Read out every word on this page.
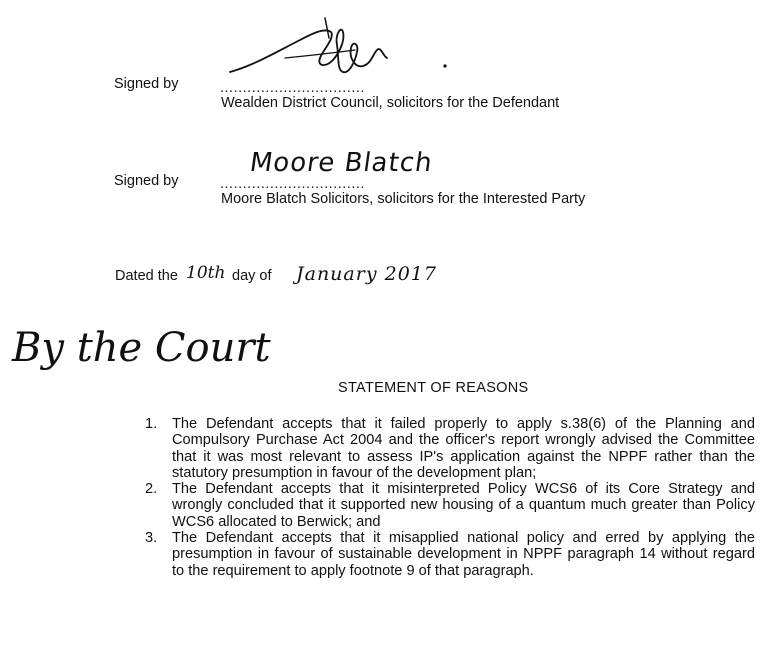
Signed by	................................
Wealden District Council, solicitors for the Defendant
Moore Blatch
Signed by	................................
Moore Blatch Solicitors, solicitors for the Interested Party
Dated the 10th day of January 2017
By the Court
STATEMENT OF REASONS
1.	The Defendant accepts that it failed properly to apply s.38(6) of the Planning and Compulsory Purchase Act 2004 and the officer's report wrongly advised the Committee that it was most relevant to assess IP's application against the NPPF rather than the statutory presumption in favour of the development plan;
2.	The Defendant accepts that it misinterpreted Policy WCS6 of its Core Strategy and wrongly concluded that it supported new housing of a quantum much greater than Policy WCS6 allocated to Berwick; and
3.	The Defendant accepts that it misapplied national policy and erred by applying the presumption in favour of sustainable development in NPPF paragraph 14 without regard to the requirement to apply footnote 9 of that paragraph.
